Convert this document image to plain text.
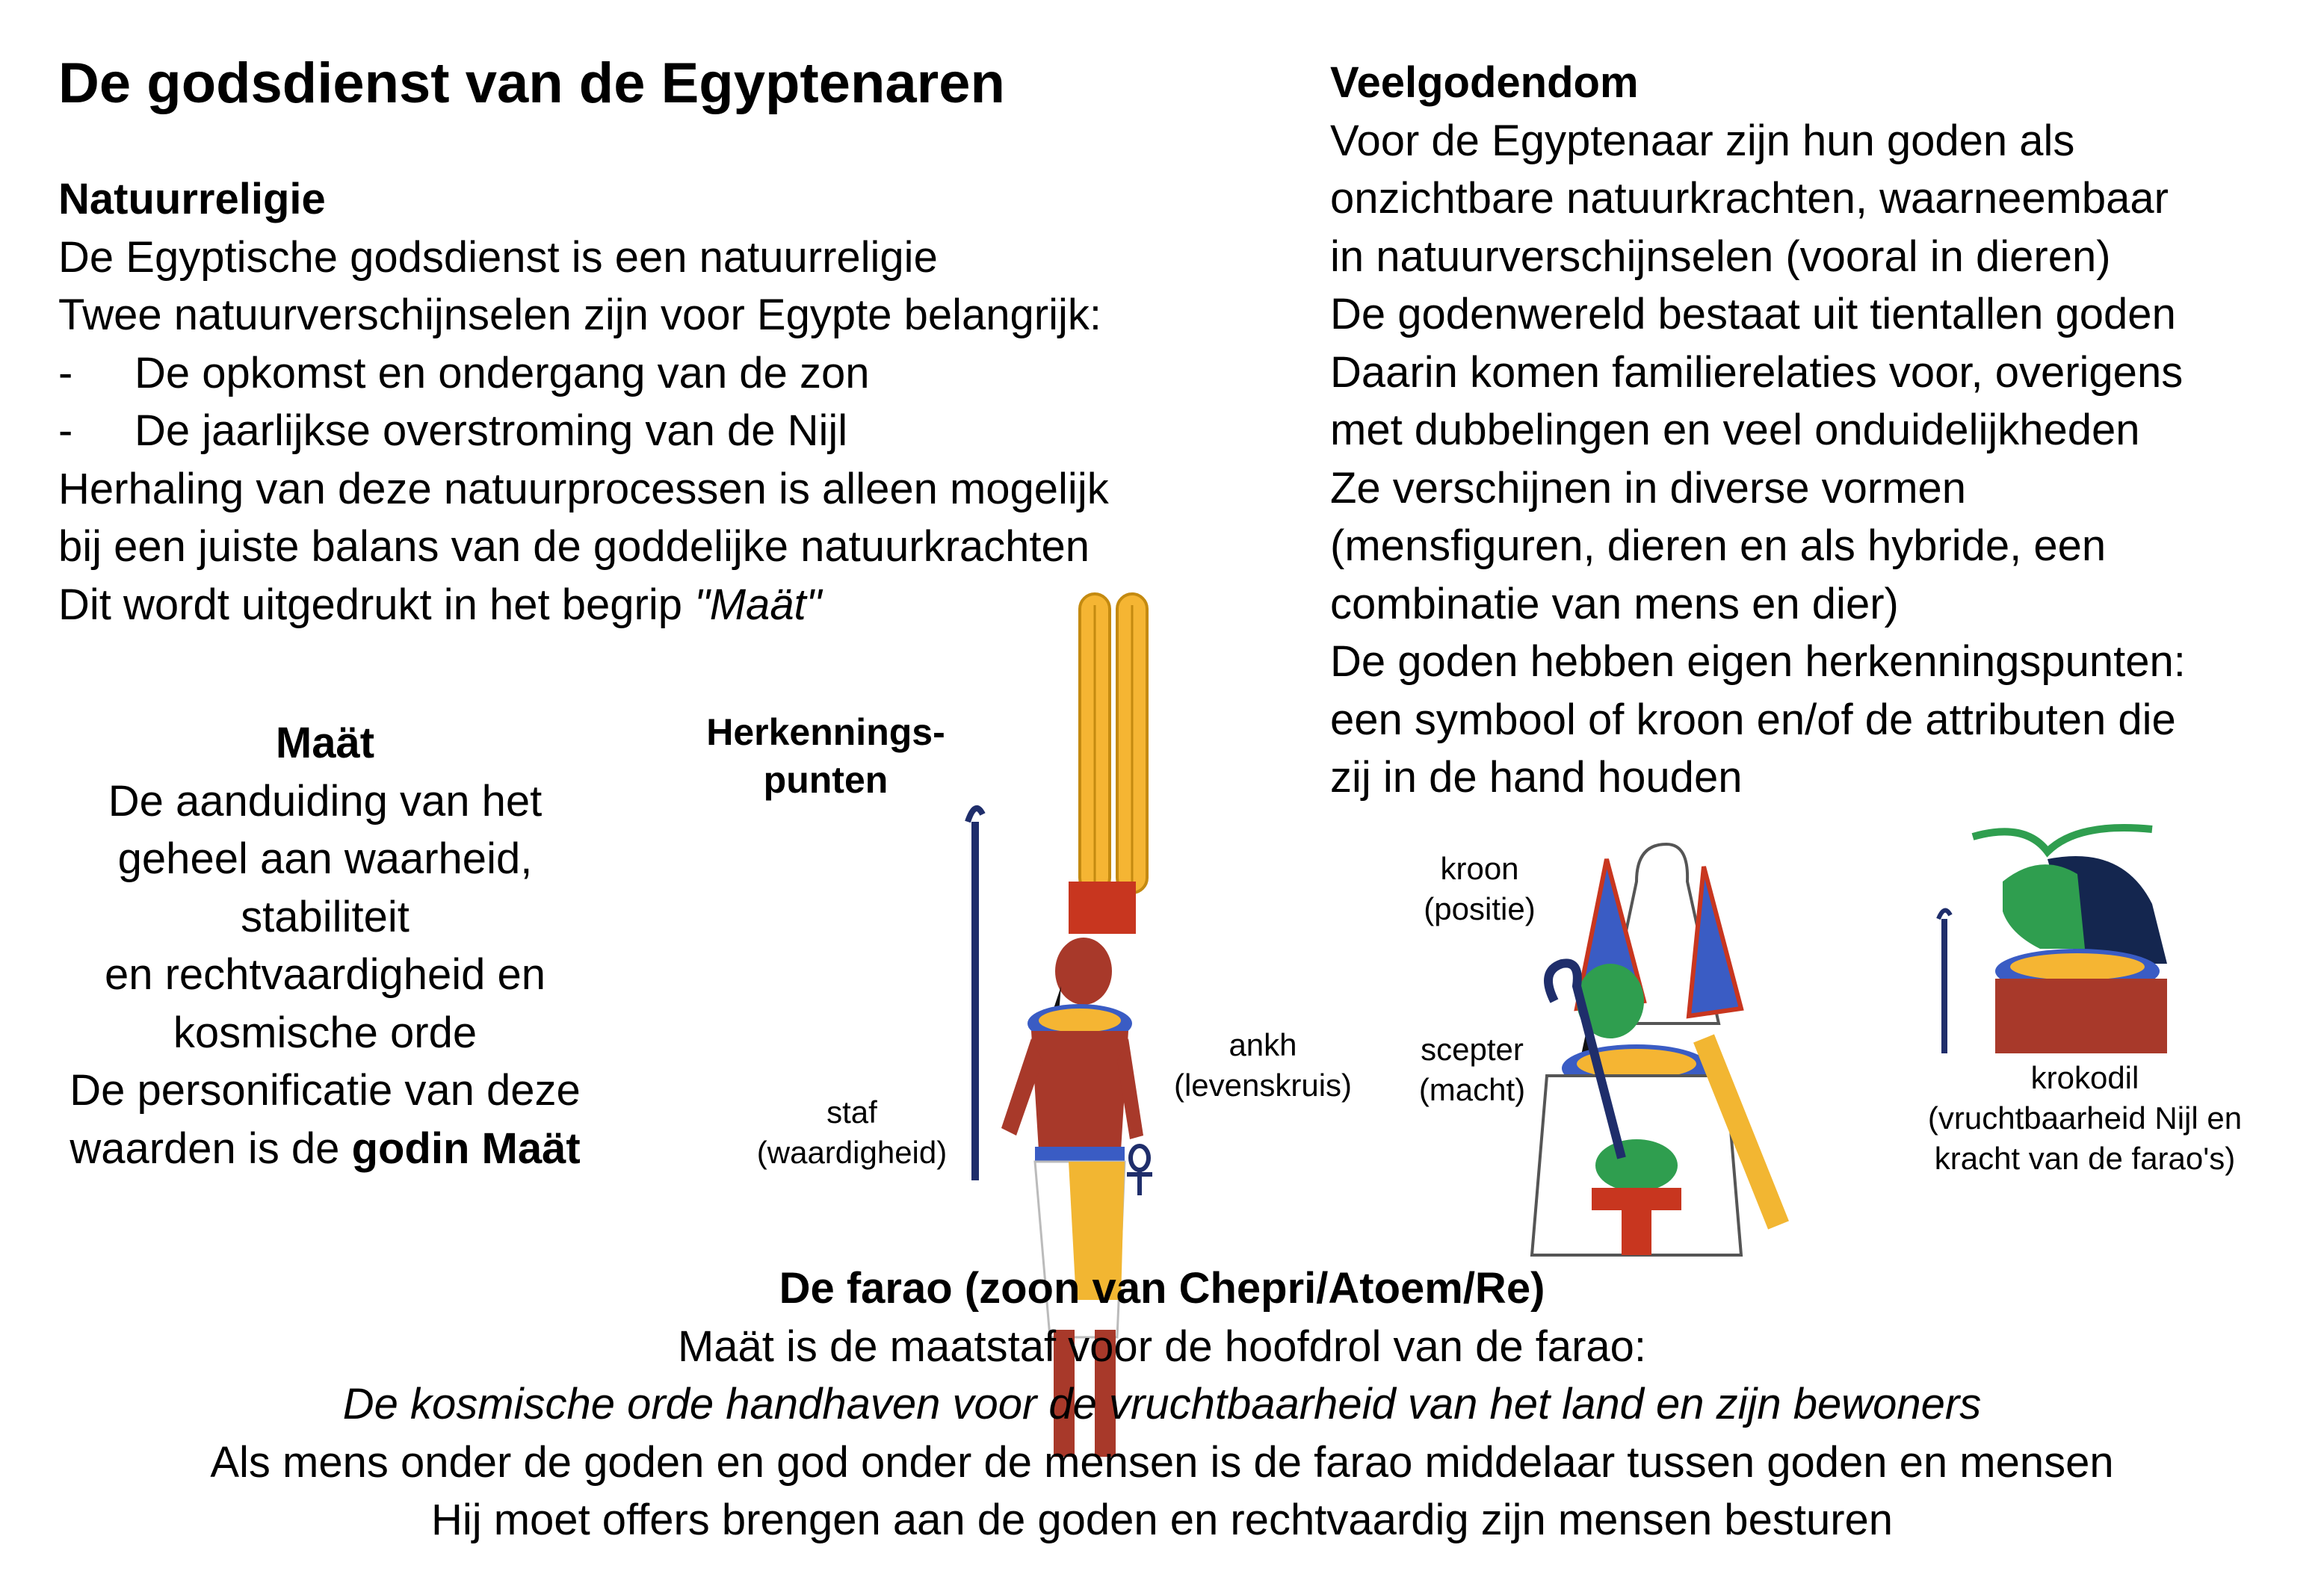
De godsdienst van de Egyptenaren
Natuurreligie
De Egyptische godsdienst is een natuurreligie
Twee natuurverschijnselen zijn voor Egypte belangrijk:
- De opkomst en ondergang van de zon
- De jaarlijkse overstroming van de Nijl
Herhaling van deze natuurprocessen is alleen mogelijk
bij een juiste balans van de goddelijke natuurkrachten
Dit wordt uitgedrukt in het begrip "Maät"
Veelgodendom
Voor de Egyptenaar zijn hun goden als
onzichtbare natuurkrachten, waarneembaar
in natuurverschijnselen (vooral in dieren)
De godenwereld bestaat uit tientallen goden
Daarin komen familierelaties voor, overigens
met dubbelingen en veel onduidelijkheden
Ze verschijnen in diverse vormen
(mensfiguren, dieren en als hybride, een
combinatie van mens en dier)
De goden hebben eigen herkenningspunten:
een symbool of kroon en/of de attributen die
zij in de hand houden
Maät
De aanduiding van het
geheel aan waarheid,
stabiliteit
en rechtvaardigheid en
kosmische orde
De personificatie van deze
waarden is de godin Maät
Herkennings-
punten
staf
(waardigheid)
ankh
(levenskruis)
kroon
(positie)
scepter
(macht)	krokodil
(vruchtbaarheid Nijl en
kracht van de farao's)
De farao (zoon van Chepri/Atoem/Re)
Maät is de maatstaf voor de hoofdrol van de farao:
De kosmische orde handhaven voor de vruchtbaarheid van het land en zijn bewoners
Als mens onder de goden en god onder de mensen is de farao middelaar tussen goden en mensen
Hij moet offers brengen aan de goden en rechtvaardig zijn mensen besturen
